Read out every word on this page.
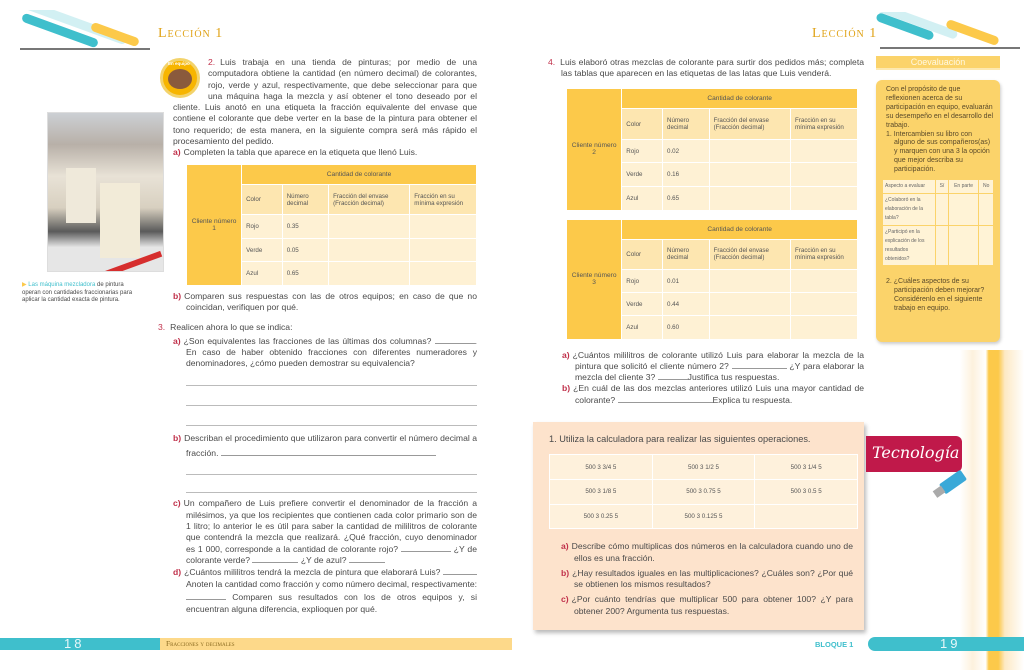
Lección 1
▶ Las máquina mezcladora de pintura operan con cantidades fraccionarias para aplicar la cantidad exacta de pintura.
En equipo	2. Luis trabaja en una tienda de pinturas; por medio de una computadora obtiene la cantidad (en número decimal) de colorantes, rojo, verde y azul, respectivamente, que debe seleccionar para que una máquina haga la mezcla y así obtener el tono deseado por el cliente. Luis anotó en una etiqueta la fracción equivalente del envase que contiene el colorante que debe verter en la base de la pintura para obtener el tono requerido; de esta manera, en la siguiente compra será más rápido el procesamiento del pedido.
a) Completen la tabla que aparece en la etiqueta que llenó Luis.
Cliente número 1	Cantidad de colorante			
	Color	Número decimal	Fracción del envase (Fracción decimal)	Fracción en su mínima expresión
	Rojo	0.35		
	Verde	0.05		
	Azul	0.65		
b) Comparen sus respuestas con las de otros equipos; en caso de que no coincidan, verifiquen por qué.
3. Realicen ahora lo que se indica:
a) ¿Son equivalentes las fracciones de las últimas dos columnas?	. En caso de haber obtenido fracciones con diferentes numeradores y denominadores, ¿cómo pueden demostrar su equivalencia?
b) Describan el procedimiento que utilizaron para convertir el número decimal a fracción.
c) Un compañero de Luis prefiere convertir el denominador de la fracción a milésimos, ya que los recipientes que contienen cada color primario son de 1 litro; lo anterior le es útil para saber la cantidad de mililitros de colorante que contendrá la mezcla que realizará. ¿Qué fracción, cuyo denominador es 1 000, corresponde a la cantidad de colorante rojo?	¿Y de colorante verde?	¿Y de azul?
d) ¿Cuántos mililitros tendrá la mezcla de pintura que elaborará Luis?  Anoten la cantidad como fracción y como número decimal, respectivamente:  Comparen sus resultados con los de otros equipos y, si encuentran alguna diferencia, explioquen por qué.
18	Fracciones y decimales
Lección 1
4. Luis elaboró otras mezclas de colorante para surtir dos pedidos más; completa las tablas que aparecen en las etiquetas de las latas que Luis venderá.
Cliente número 2	Cantidad de colorante			
	Color	Número decimal	Fracción del envase (Fracción decimal)	Fracción en su mínima expresión
	Rojo	0.02		
	Verde	0.16		
	Azul	0.65		
Cliente número 3	Cantidad de colorante			
	Color	Número decimal	Fracción del envase (Fracción decimal)	Fracción en su mínima expresión
	Rojo	0.01		
	Verde	0.44		
	Azul	0.60		
a) ¿Cuántos mililitros de colorante utilizó Luis para elaborar la mezcla de la pintura que solicitó el cliente número 2?	¿Y para elaborar la mezcla del cliente 3?	Justifica tus respuestas.
b) ¿En cuál de las dos mezclas anteriores utilizó Luis una mayor cantidad de colorante?	Explica tu respuesta.
Coevaluación
Con el propósito de que reflexionen acerca de su participación en equipo, evaluarán su desempeño en el desarrollo del trabajo.
1. Intercambien su libro con alguno de sus compañeros(as) y marquen con una 3 la opción que mejor describa su participación.
Aspecto a evaluar	Sí	En parte	No
¿Colaboró en la elaboración de la tabla?			
¿Participó en la explicación de los resultados obtenidos?			
2. ¿Cuáles aspectos de su participación deben mejorar? Considérenlo en el siguiente trabajo en equipo.
1. Utiliza la calculadora para realizar las siguientes operaciones.
500 3 3/4 5	500 3 1/2 5	500 3 1/4 5
500 3 1/8 5	500 3 0.75 5	500 3 0.5 5
500 3 0.25 5	500 3 0.125 5	
a) Describe cómo multiplicas dos números en la calculadora cuando uno de ellos es una fracción.
b) ¿Hay resultados iguales en las multiplicaciones? ¿Cuáles son? ¿Por qué se obtienen los mismos resultados?
c) ¿Por cuánto tendrías que multiplicar 500 para obtener 100? ¿Y para obtener 200? Argumenta tus respuestas.
Tecnología
BLOQUE 1	19
